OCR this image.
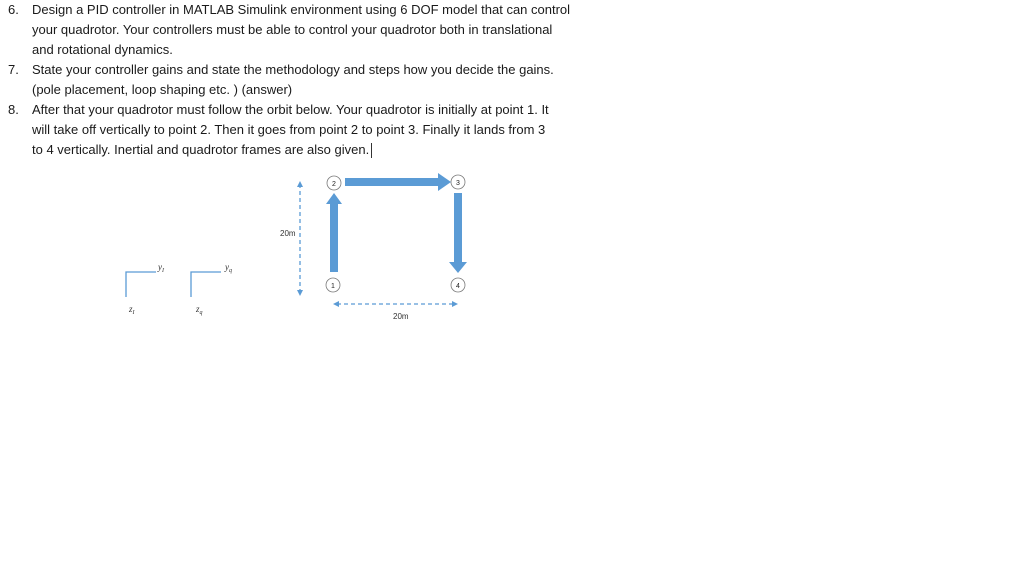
6.	Design a PID controller in MATLAB Simulink environment using 6 DOF model that can control
your quadrotor. Your controllers must be able to control your quadrotor both in translational
and rotational dynamics.
7.	State your controller gains and state the methodology and steps how you decide the gains.
(pole placement, loop shaping etc. ) (answer)
8.	After that your quadrotor must follow the orbit below. Your quadrotor is initially at point 1. It
will take off vertically to point 2. Then it goes from point 2 to point 3. Finally it lands from 3
to 4 vertically. Inertial and quadrotor frames are also given.
$y_I$
$z_I$
$y_q$
$z_q$
20m
20m
1
2	3
4
